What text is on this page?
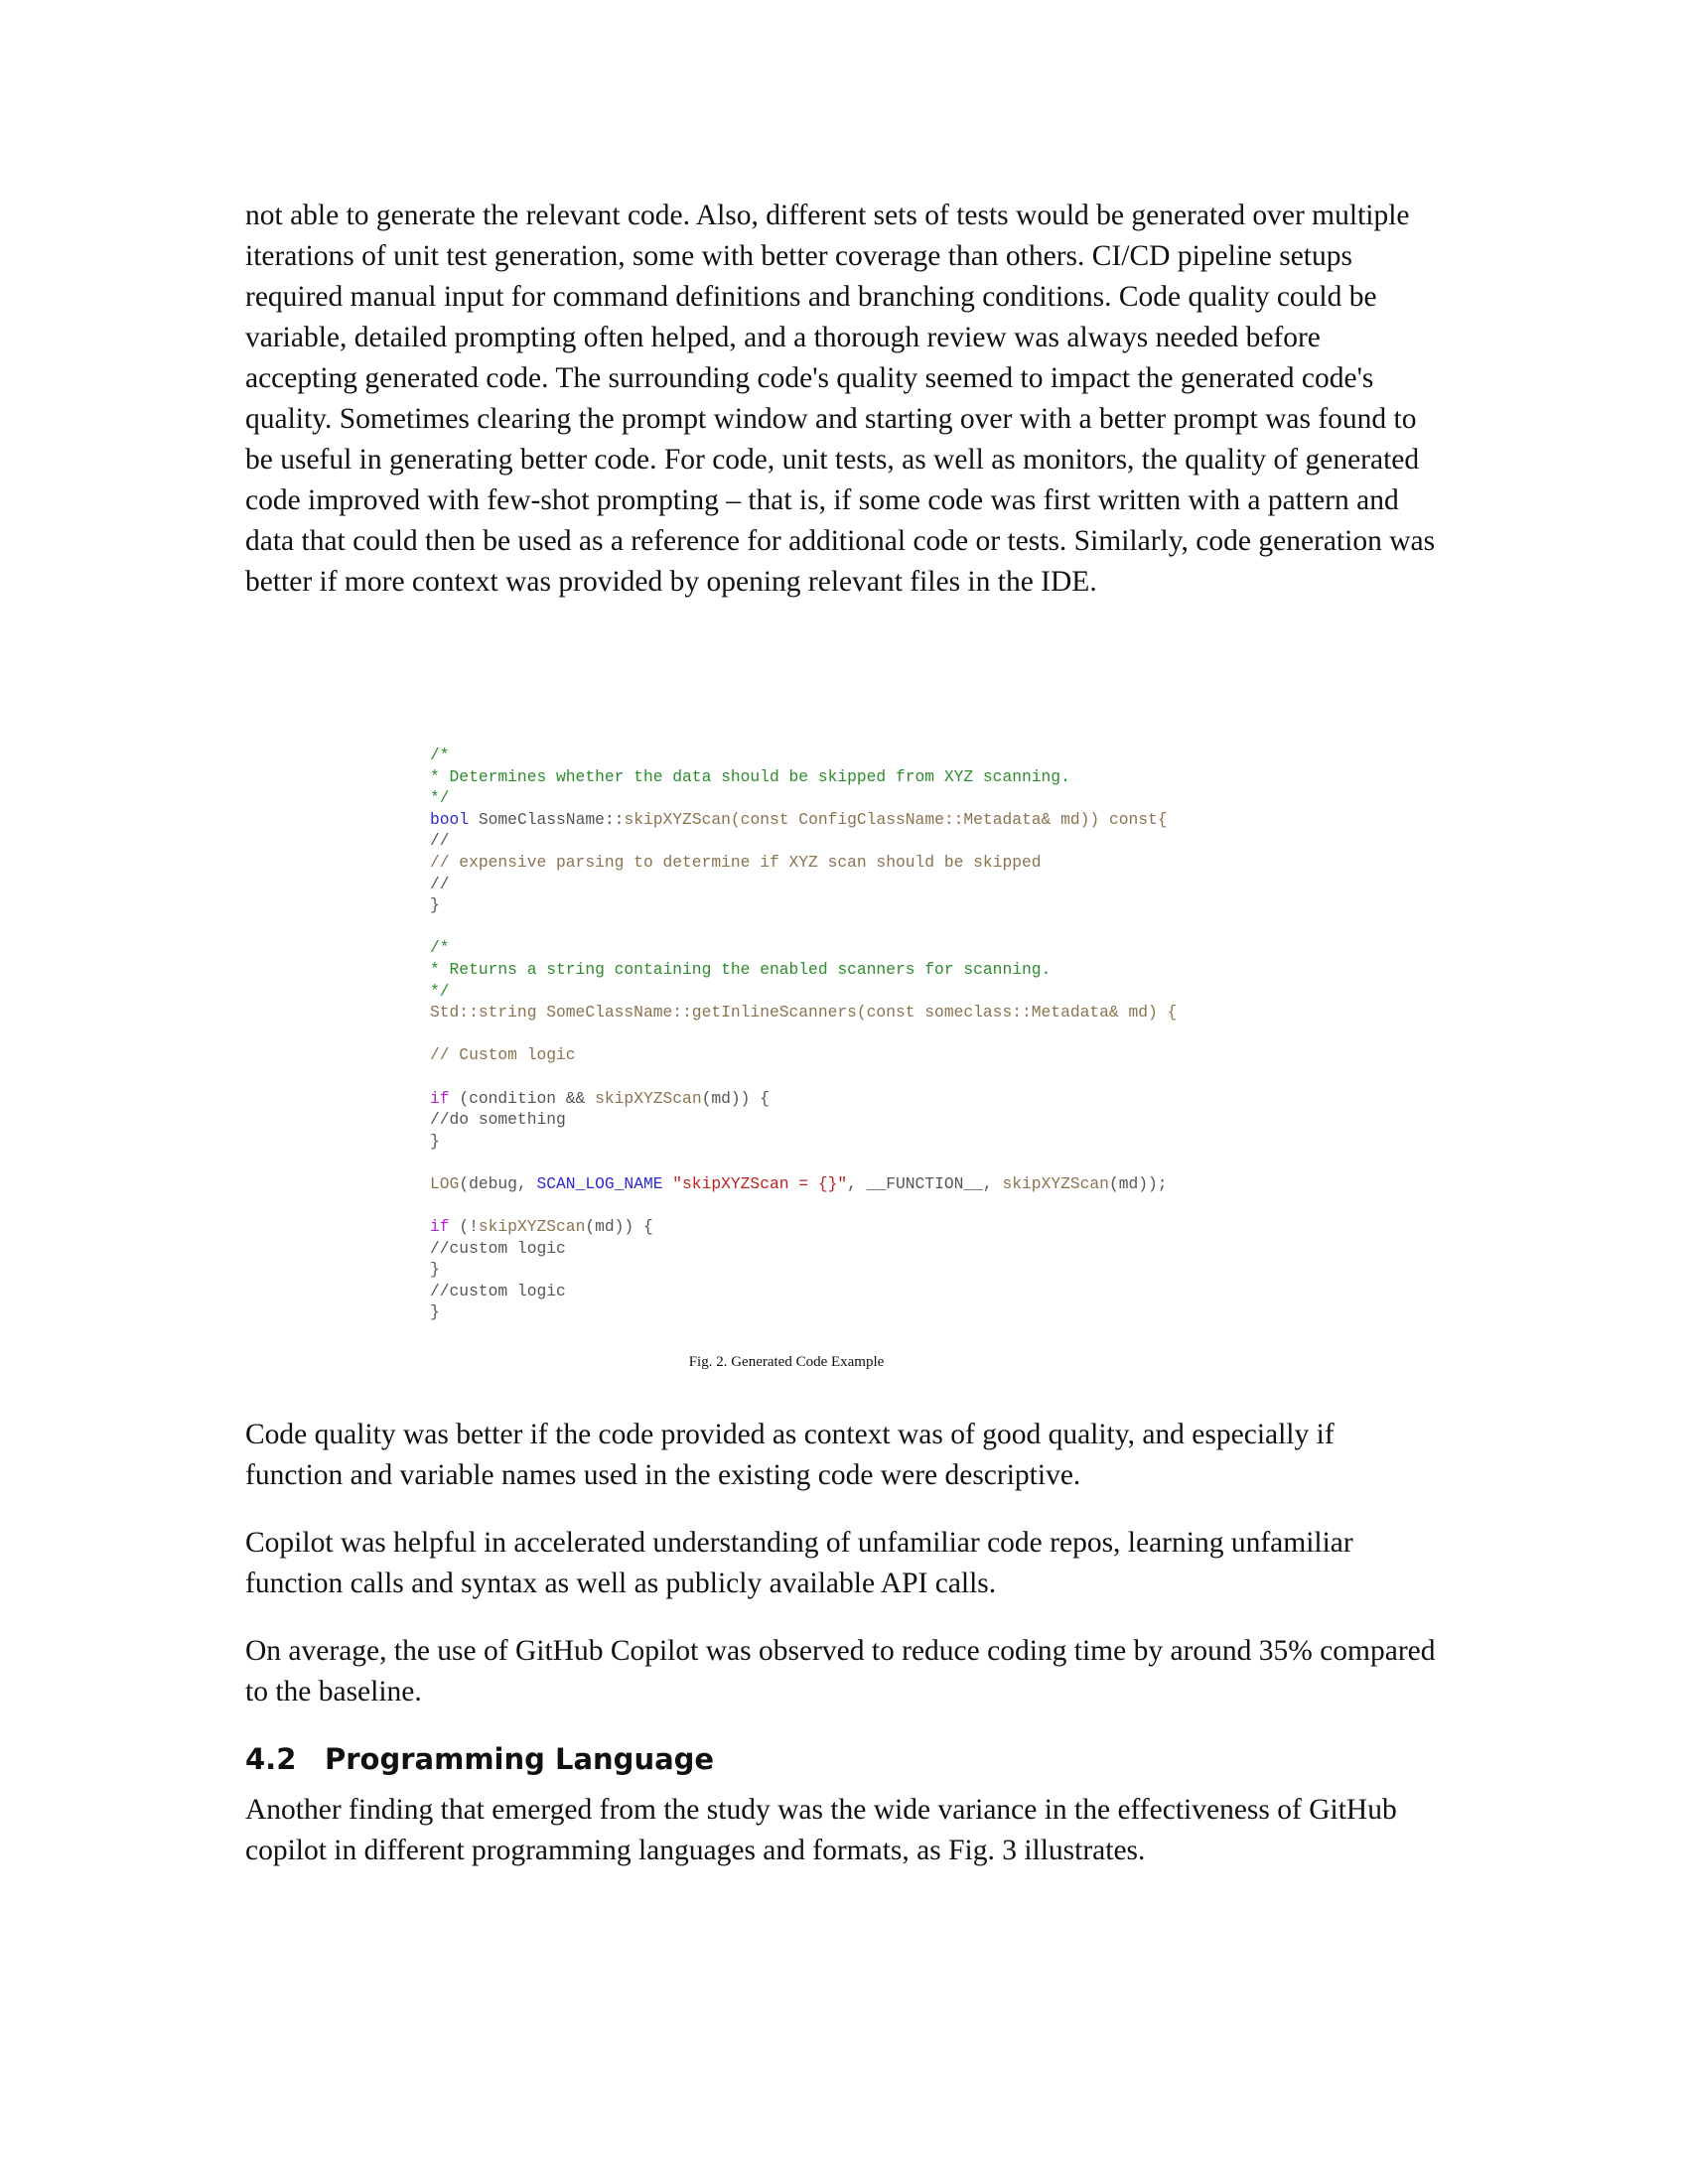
not able to generate the relevant code. Also, different sets of tests would be generated over multiple iterations of unit test generation, some with better coverage than others. CI/CD pipeline setups required manual input for command definitions and branching conditions. Code quality could be variable, detailed prompting often helped, and a thorough review was always needed before accepting generated code. The surrounding code's quality seemed to impact the generated code's quality. Sometimes clearing the prompt window and starting over with a better prompt was found to be useful in generating better code. For code, unit tests, as well as monitors, the quality of generated code improved with few-shot prompting – that is, if some code was first written with a pattern and data that could then be used as a reference for additional code or tests. Similarly, code generation was better if more context was provided by opening relevant files in the IDE.

/*
* Determines whether the data should be skipped from XYZ scanning.
*/
bool SomeClassName::skipXYZScan(const ConfigClassName::Metadata& md)) const{
//
// expensive parsing to determine if XYZ scan should be skipped
//
}
/*
* Returns a string containing the enabled scanners for scanning.
*/
Std::string SomeClassName::getInlineScanners(const someclass::Metadata& md) {
// Custom logic
if (condition && skipXYZScan(md)) {
//do something
}
LOG(debug, SCAN_LOG_NAME "skipXYZScan = {}", __FUNCTION__, skipXYZScan(md));
if (!skipXYZScan(md)) {
//custom logic
}
//custom logic
}
Fig. 2. Generated Code Example

Code quality was better if the code provided as context was of good quality, and especially if function and variable names used in the existing code were descriptive.

Copilot was helpful in accelerated understanding of unfamiliar code repos, learning unfamiliar function calls and syntax as well as publicly available API calls.

On average, the use of GitHub Copilot was observed to reduce coding time by around 35% compared to the baseline.

4.2 Programming Language

Another finding that emerged from the study was the wide variance in the effectiveness of GitHub copilot in different programming languages and formats, as Fig. 3 illustrates.
